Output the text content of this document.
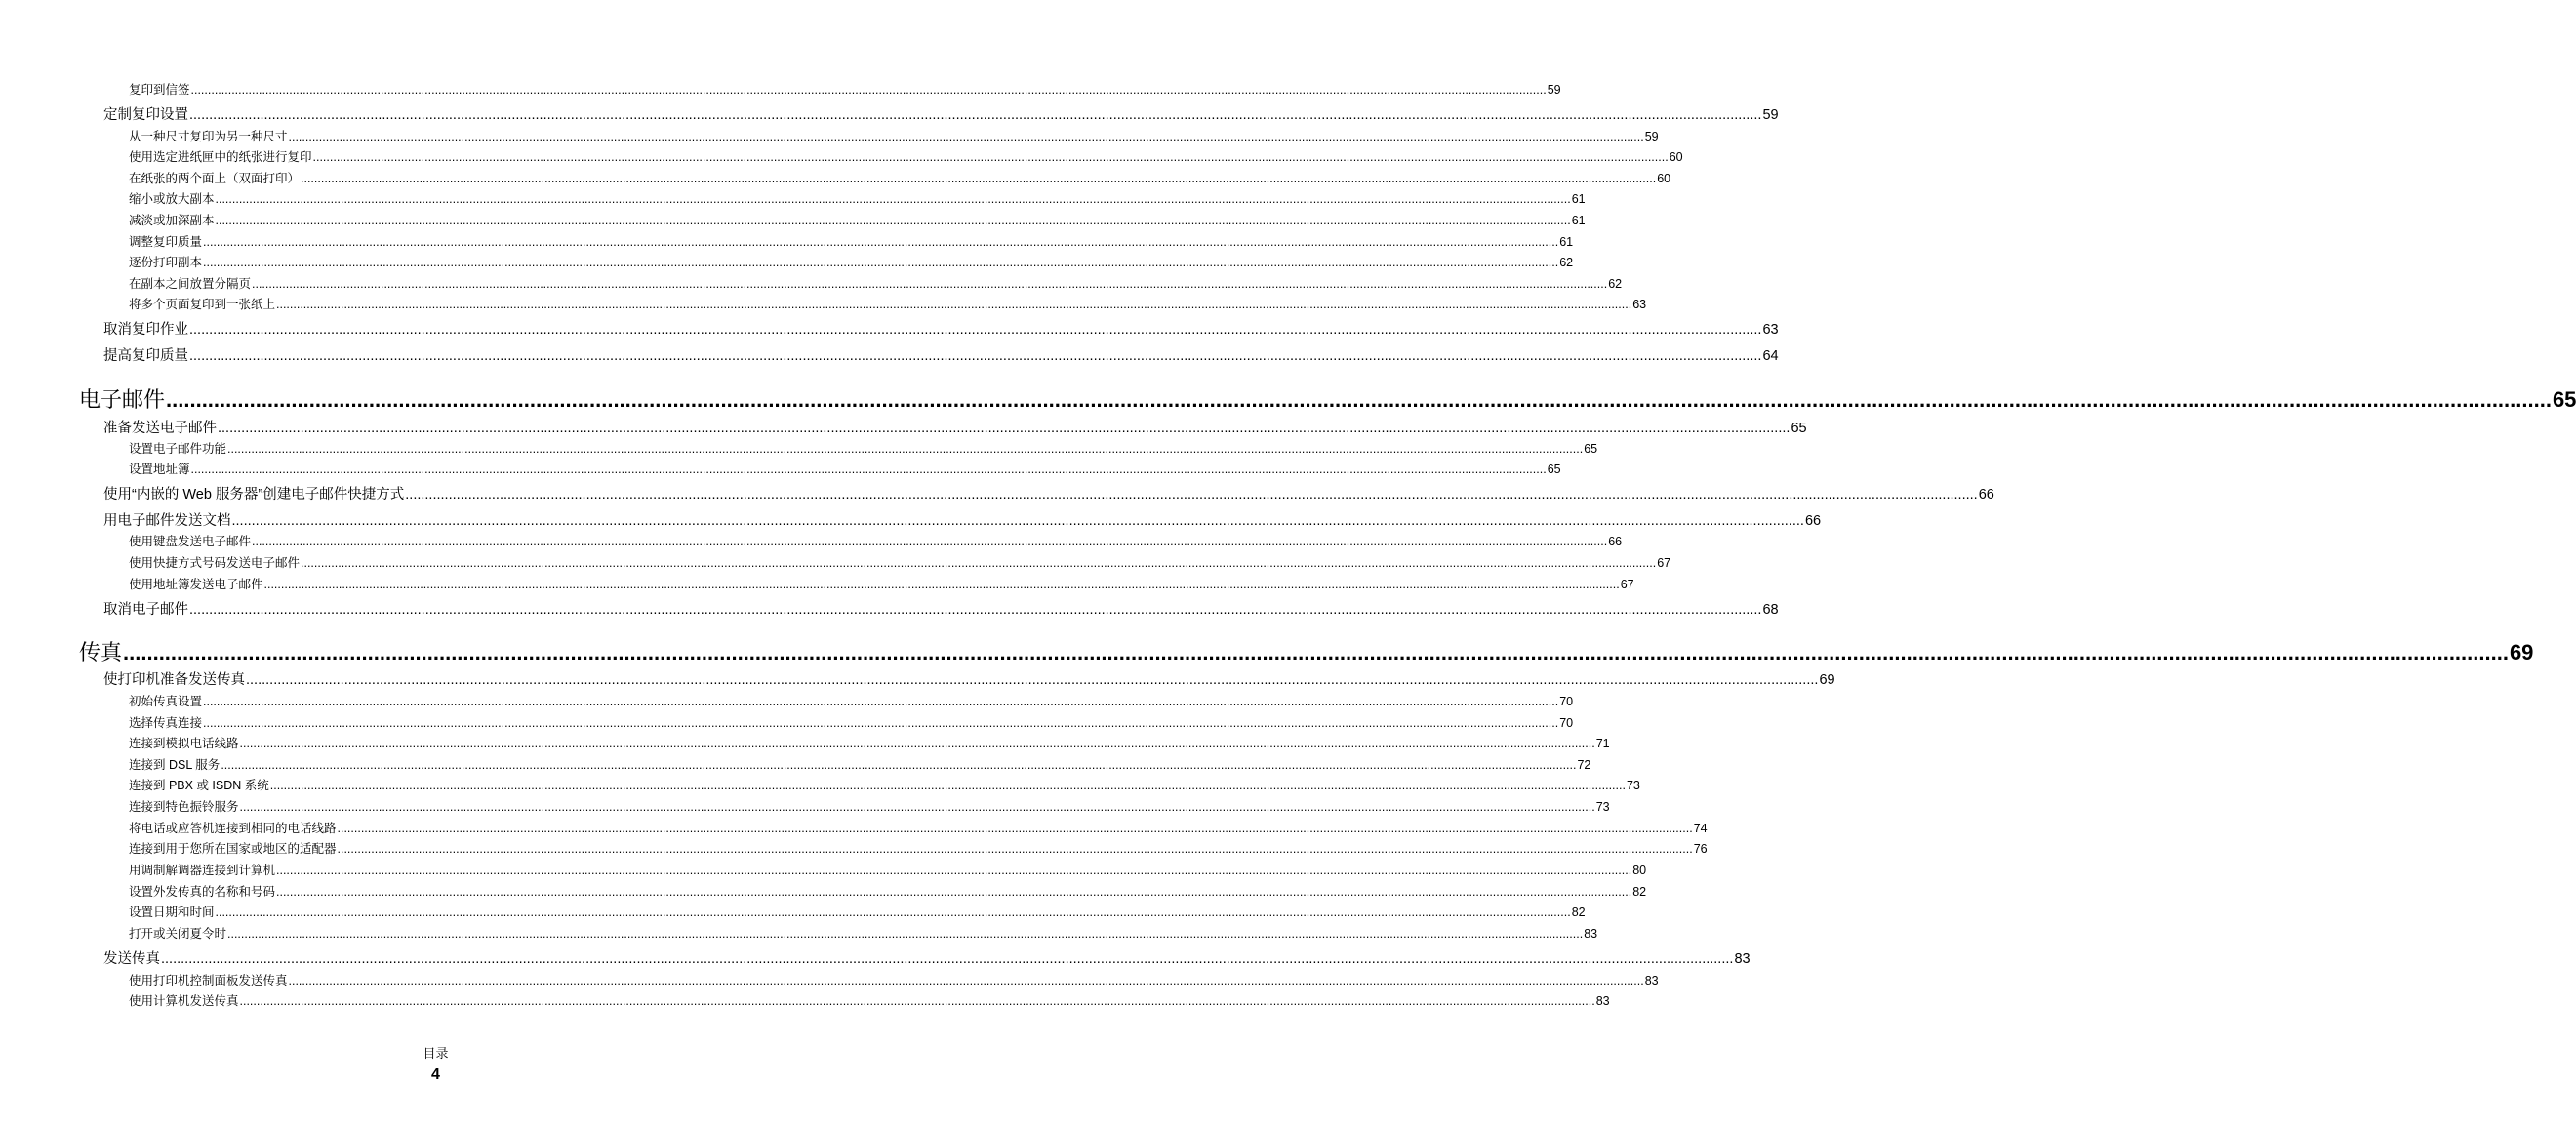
复印到信签 ................................................................................................................................................................................................................................................................................................................................................................................................................ 59
定制复印设置 ................................................................................................................................................................................................................................................................................................................................................................................................................ 59
从一种尺寸复印为另一种尺寸 ................................................................................................................................................................................................................................................................................................................................................................................................................ 59
使用选定进纸匣中的纸张进行复印 ................................................................................................................................................................................................................................................................................................................................................................................................................ 60
在纸张的两个面上（双面打印） ................................................................................................................................................................................................................................................................................................................................................................................................................ 60
缩小或放大副本 ................................................................................................................................................................................................................................................................................................................................................................................................................ 61
减淡或加深副本 ................................................................................................................................................................................................................................................................................................................................................................................................................ 61
调整复印质量 ................................................................................................................................................................................................................................................................................................................................................................................................................ 61
逐份打印副本 ................................................................................................................................................................................................................................................................................................................................................................................................................ 62
在副本之间放置分隔页 ................................................................................................................................................................................................................................................................................................................................................................................................................ 62
将多个页面复印到一张纸上 ................................................................................................................................................................................................................................................................................................................................................................................................................ 63
取消复印作业 ................................................................................................................................................................................................................................................................................................................................................................................................................ 63
提高复印质量 ................................................................................................................................................................................................................................................................................................................................................................................................................ 64
电子邮件 ................................................................................................................................................................................................................................................................................................................................................................................................................ 65
准备发送电子邮件 ................................................................................................................................................................................................................................................................................................................................................................................................................ 65
设置电子邮件功能 ................................................................................................................................................................................................................................................................................................................................................................................................................ 65
设置地址簿 ................................................................................................................................................................................................................................................................................................................................................................................................................ 65
使用“内嵌的 Web 服务器”创建电子邮件快捷方式 ................................................................................................................................................................................................................................................................................................................................................................................................................ 66
用电子邮件发送文档 ................................................................................................................................................................................................................................................................................................................................................................................................................ 66
使用键盘发送电子邮件 ................................................................................................................................................................................................................................................................................................................................................................................................................ 66
使用快捷方式号码发送电子邮件 ................................................................................................................................................................................................................................................................................................................................................................................................................ 67
使用地址簿发送电子邮件 ................................................................................................................................................................................................................................................................................................................................................................................................................ 67
取消电子邮件 ................................................................................................................................................................................................................................................................................................................................................................................................................ 68
传真 ................................................................................................................................................................................................................................................................................................................................................................................................................ 69
使打印机准备发送传真 ................................................................................................................................................................................................................................................................................................................................................................................................................ 69
初始传真设置 ................................................................................................................................................................................................................................................................................................................................................................................................................ 70
选择传真连接 ................................................................................................................................................................................................................................................................................................................................................................................................................ 70
连接到模拟电话线路 ................................................................................................................................................................................................................................................................................................................................................................................................................ 71
连接到 DSL 服务 ................................................................................................................................................................................................................................................................................................................................................................................................................ 72
连接到 PBX 或 ISDN 系统 ................................................................................................................................................................................................................................................................................................................................................................................................................ 73
连接到特色振铃服务 ................................................................................................................................................................................................................................................................................................................................................................................................................ 73
将电话或应答机连接到相同的电话线路 ................................................................................................................................................................................................................................................................................................................................................................................................................ 74
连接到用于您所在国家或地区的适配器 ................................................................................................................................................................................................................................................................................................................................................................................................................ 76
用调制解调器连接到计算机 ................................................................................................................................................................................................................................................................................................................................................................................................................ 80
设置外发传真的名称和号码 ................................................................................................................................................................................................................................................................................................................................................................................................................ 82
设置日期和时间 ................................................................................................................................................................................................................................................................................................................................................................................................................ 82
打开或关闭夏令时 ................................................................................................................................................................................................................................................................................................................................................................................................................ 83
发送传真 ................................................................................................................................................................................................................................................................................................................................................................................................................ 83
使用打印机控制面板发送传真 ................................................................................................................................................................................................................................................................................................................................................................................................................ 83
使用计算机发送传真 ................................................................................................................................................................................................................................................................................................................................................................................................................ 83
目录
4
